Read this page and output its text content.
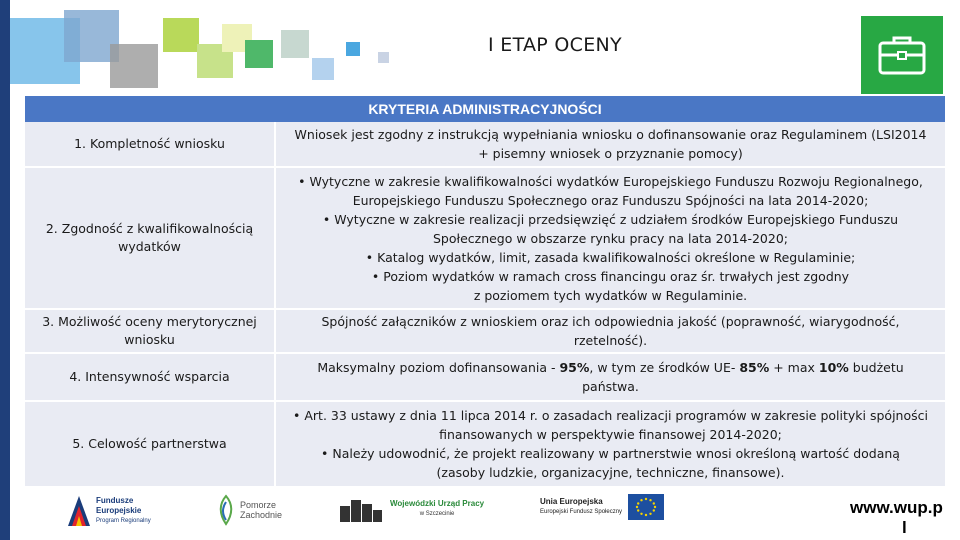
I ETAP OCENY
KRYTERIA ADMINISTRACYJNOŚCI
1. Kompletność wniosku
Wniosek jest zgodny z instrukcją wypełniania wniosku o dofinansowanie oraz Regulaminem (LSI2014
+ pisemny wniosek o przyznanie pomocy)
2. Zgodność z kwalifikowalnością wydatków
• Wytyczne w zakresie kwalifikowalności wydatków Europejskiego Funduszu Rozwoju Regionalnego,
Europejskiego Funduszu Społecznego oraz Funduszu Spójności na lata 2014-2020;
• Wytyczne w zakresie realizacji przedsięwzięć z udziałem środków Europejskiego Funduszu
Społecznego w obszarze rynku pracy na lata 2014-2020;
• Katalog wydatków, limit, zasada kwalifikowalności określone w Regulaminie;
• Poziom wydatków w ramach cross financingu oraz śr. trwałych jest zgodny
z poziomem tych wydatków w Regulaminie.
3. Możliwość oceny merytorycznej wniosku
Spójność załączników z wnioskiem oraz ich odpowiednia jakość (poprawność, wiarygodność,
rzetelność).
4. Intensywność wsparcia
Maksymalny poziom dofinansowania - 95%, w tym ze środków UE- 85% + max 10% budżetu
państwa.
5. Celowość partnerstwa
• Art. 33 ustawy z dnia 11 lipca 2014 r. o zasadach realizacji programów w zakresie polityki spójności
finansowanych w perspektywie finansowej 2014-2020;
• Należy udowodnić, że projekt realizowany w partnerstwie wnosi określoną wartość dodaną
(zasoby ludzkie, organizacyjne, techniczne, finansowe).
Fundusze
Europejskie
Program Regionalny
Pomorze
Zachodnie
Wojewódzki Urząd Pracy
w Szczecinie
Unia Europejska
Europejski Fundusz Społeczny	www.wup.p
l
